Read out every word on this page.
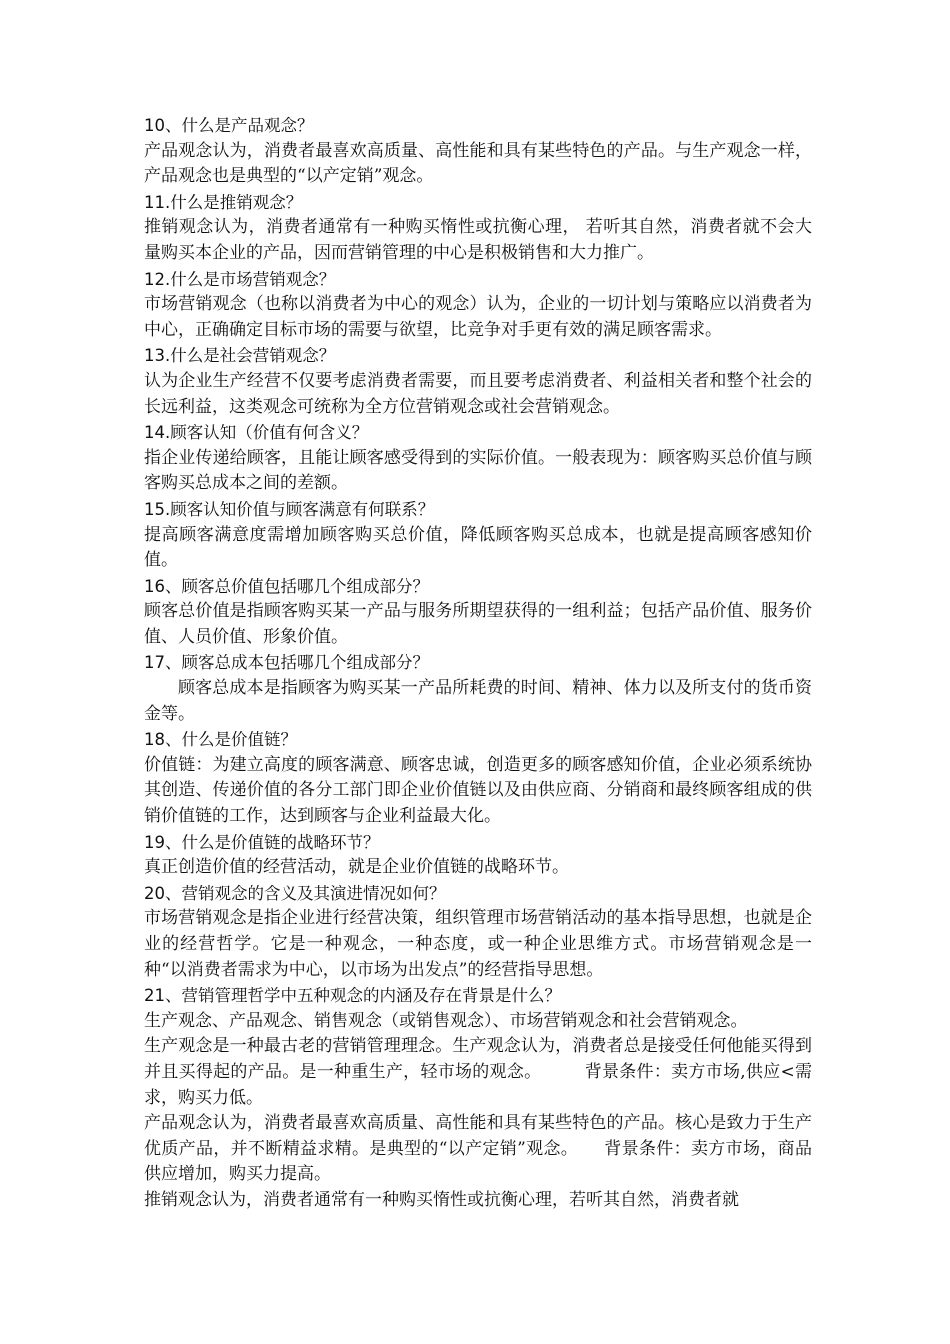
10、什么是产品观念？

产品观念认为，消费者最喜欢高质量、高性能和具有某些特色的产品。与生产观念一样，产品观念也是典型的“以产定销”观念。

11.什么是推销观念？

推销观念认为，消费者通常有一种购买惰性或抗衡心理， 若听其自然，消费者就不会大量购买本企业的产品，因而营销管理的中心是积极销售和大力推广。

12.什么是市场营销观念？

市场营销观念（也称以消费者为中心的观念）认为，企业的一切计划与策略应以消费者为中心，正确确定目标市场的需要与欲望，比竞争对手更有效的满足顾客需求。

13.什么是社会营销观念？

认为企业生产经营不仅要考虑消费者需要，而且要考虑消费者、利益相关者和整个社会的长远利益，这类观念可统称为全方位营销观念或社会营销观念。

14.顾客认知（价值有何含义？

指企业传递给顾客，且能让顾客感受得到的实际价值。一般表现为：顾客购买总价值与顾客购买总成本之间的差额。

15.顾客认知价值与顾客满意有何联系？

提高顾客满意度需增加顾客购买总价值，降低顾客购买总成本，也就是提高顾客感知价值。

16、顾客总价值包括哪几个组成部分？

顾客总价值是指顾客购买某一产品与服务所期望获得的一组利益；包括产品价值、服务价值、人员价值、形象价值。

17、顾客总成本包括哪几个组成部分？

顾客总成本是指顾客为购买某一产品所耗费的时间、精神、体力以及所支付的货币资金等。

18、什么是价值链？

价值链：为建立高度的顾客满意、顾客忠诚，创造更多的顾客感知价值，企业必须系统协其创造、传递价值的各分工部门即企业价值链以及由供应商、分销商和最终顾客组成的供销价值链的工作，达到顾客与企业利益最大化。

19、什么是价值链的战略环节？

真正创造价值的经营活动，就是企业价值链的战略环节。

20、营销观念的含义及其演进情况如何？

市场营销观念是指企业进行经营决策，组织管理市场营销活动的基本指导思想，也就是企业的经营哲学。它是一种观念，一种态度，或一种企业思维方式。市场营销观念是一种“以消费者需求为中心，以市场为出发点”的经营指导思想。

21、营销管理哲学中五种观念的内涵及存在背景是什么？

生产观念、产品观念、销售观念（或销售观念）、市场营销观念和社会营销观念。

生产观念是一种最古老的营销管理理念。生产观念认为，消费者总是接受任何他能买得到并且买得起的产品。是一种重生产，轻市场的观念。　　　背景条件：卖方市场,供应<需求，购买力低。

产品观念认为，消费者最喜欢高质量、高性能和具有某些特色的产品。核心是致力于生产优质产品，并不断精益求精。是典型的“以产定销”观念。　　背景条件：卖方市场，商品供应增加，购买力提高。

推销观念认为，消费者通常有一种购买惰性或抗衡心理，若听其自然，消费者就
